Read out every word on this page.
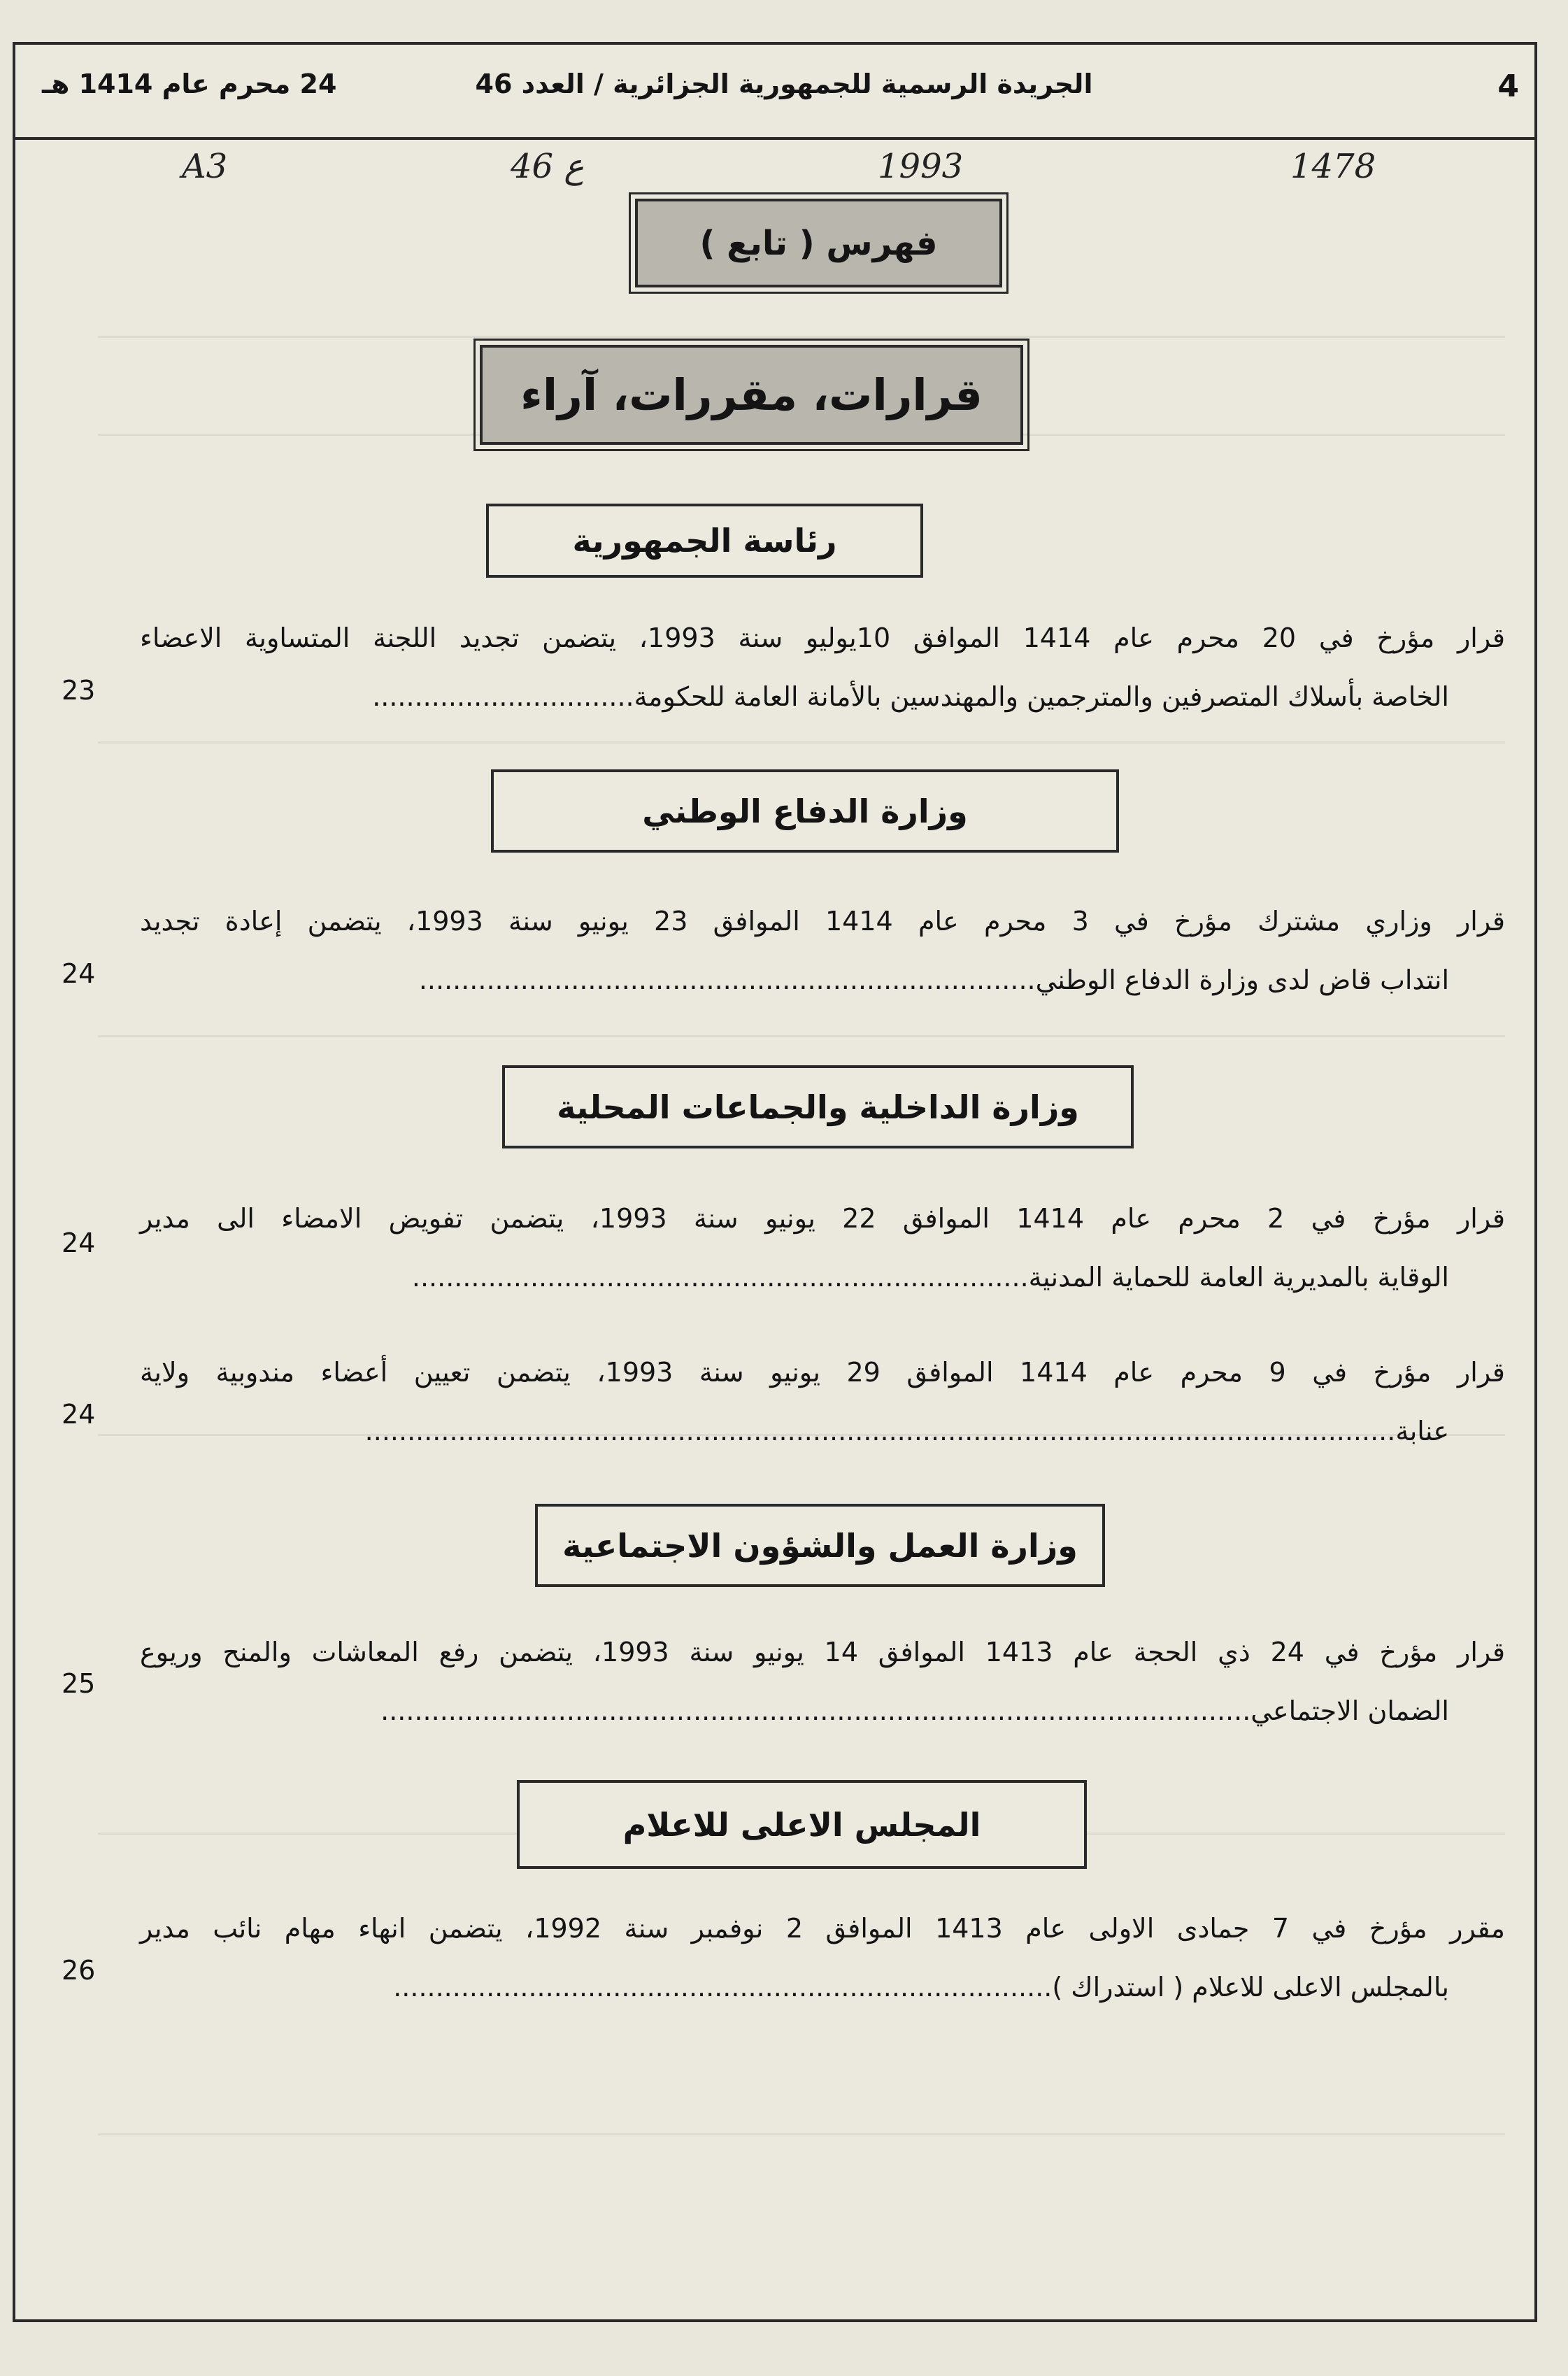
4
الجريدة الرسمية للجمهورية الجزائرية / العدد 46
24 محرم عام 1414 هـ
A3	46 ع	1993	1478
فهرس ( تابع )
قرارات، مقررات، آراء
رئاسة الجمهورية
قرار مؤرخ في 20 محرم عام 1414 الموافق 10يوليو سنة 1993، يتضمن تجديد اللجنة المتساوية الاعضاء
الخاصة بأسلاك المتصرفين والمترجمين والمهندسين بالأمانة العامة للحكومة...............................
23
وزارة الدفاع الوطني
قرار وزاري مشترك مؤرخ في 3 محرم عام 1414 الموافق 23 يونيو سنة 1993، يتضمن إعادة تجديد
انتداب قاض لدى وزارة الدفاع الوطني.........................................................................
24
وزارة الداخلية والجماعات المحلية
قرار مؤرخ في 2 محرم عام 1414 الموافق 22 يونيو سنة 1993، يتضمن تفويض الامضاء الى مدير
الوقاية بالمديرية العامة للحماية المدنية.........................................................................
24
قرار مؤرخ في 9 محرم عام 1414 الموافق 29 يونيو سنة 1993، يتضمن تعيين أعضاء مندوبية ولاية
عنابة..........................................................................................................................
24
وزارة العمل والشؤون الاجتماعية
قرار مؤرخ في 24 ذي الحجة عام 1413 الموافق 14 يونيو سنة 1993، يتضمن رفع المعاشات والمنح وريوع
الضمان الاجتماعي.......................................................................................................
25
المجلس الاعلى للاعلام
مقرر مؤرخ في 7 جمادى الاولى عام 1413 الموافق 2 نوفمبر سنة 1992، يتضمن انهاء مهام نائب مدير
بالمجلس الاعلى للاعلام ( استدراك )..............................................................................
26
